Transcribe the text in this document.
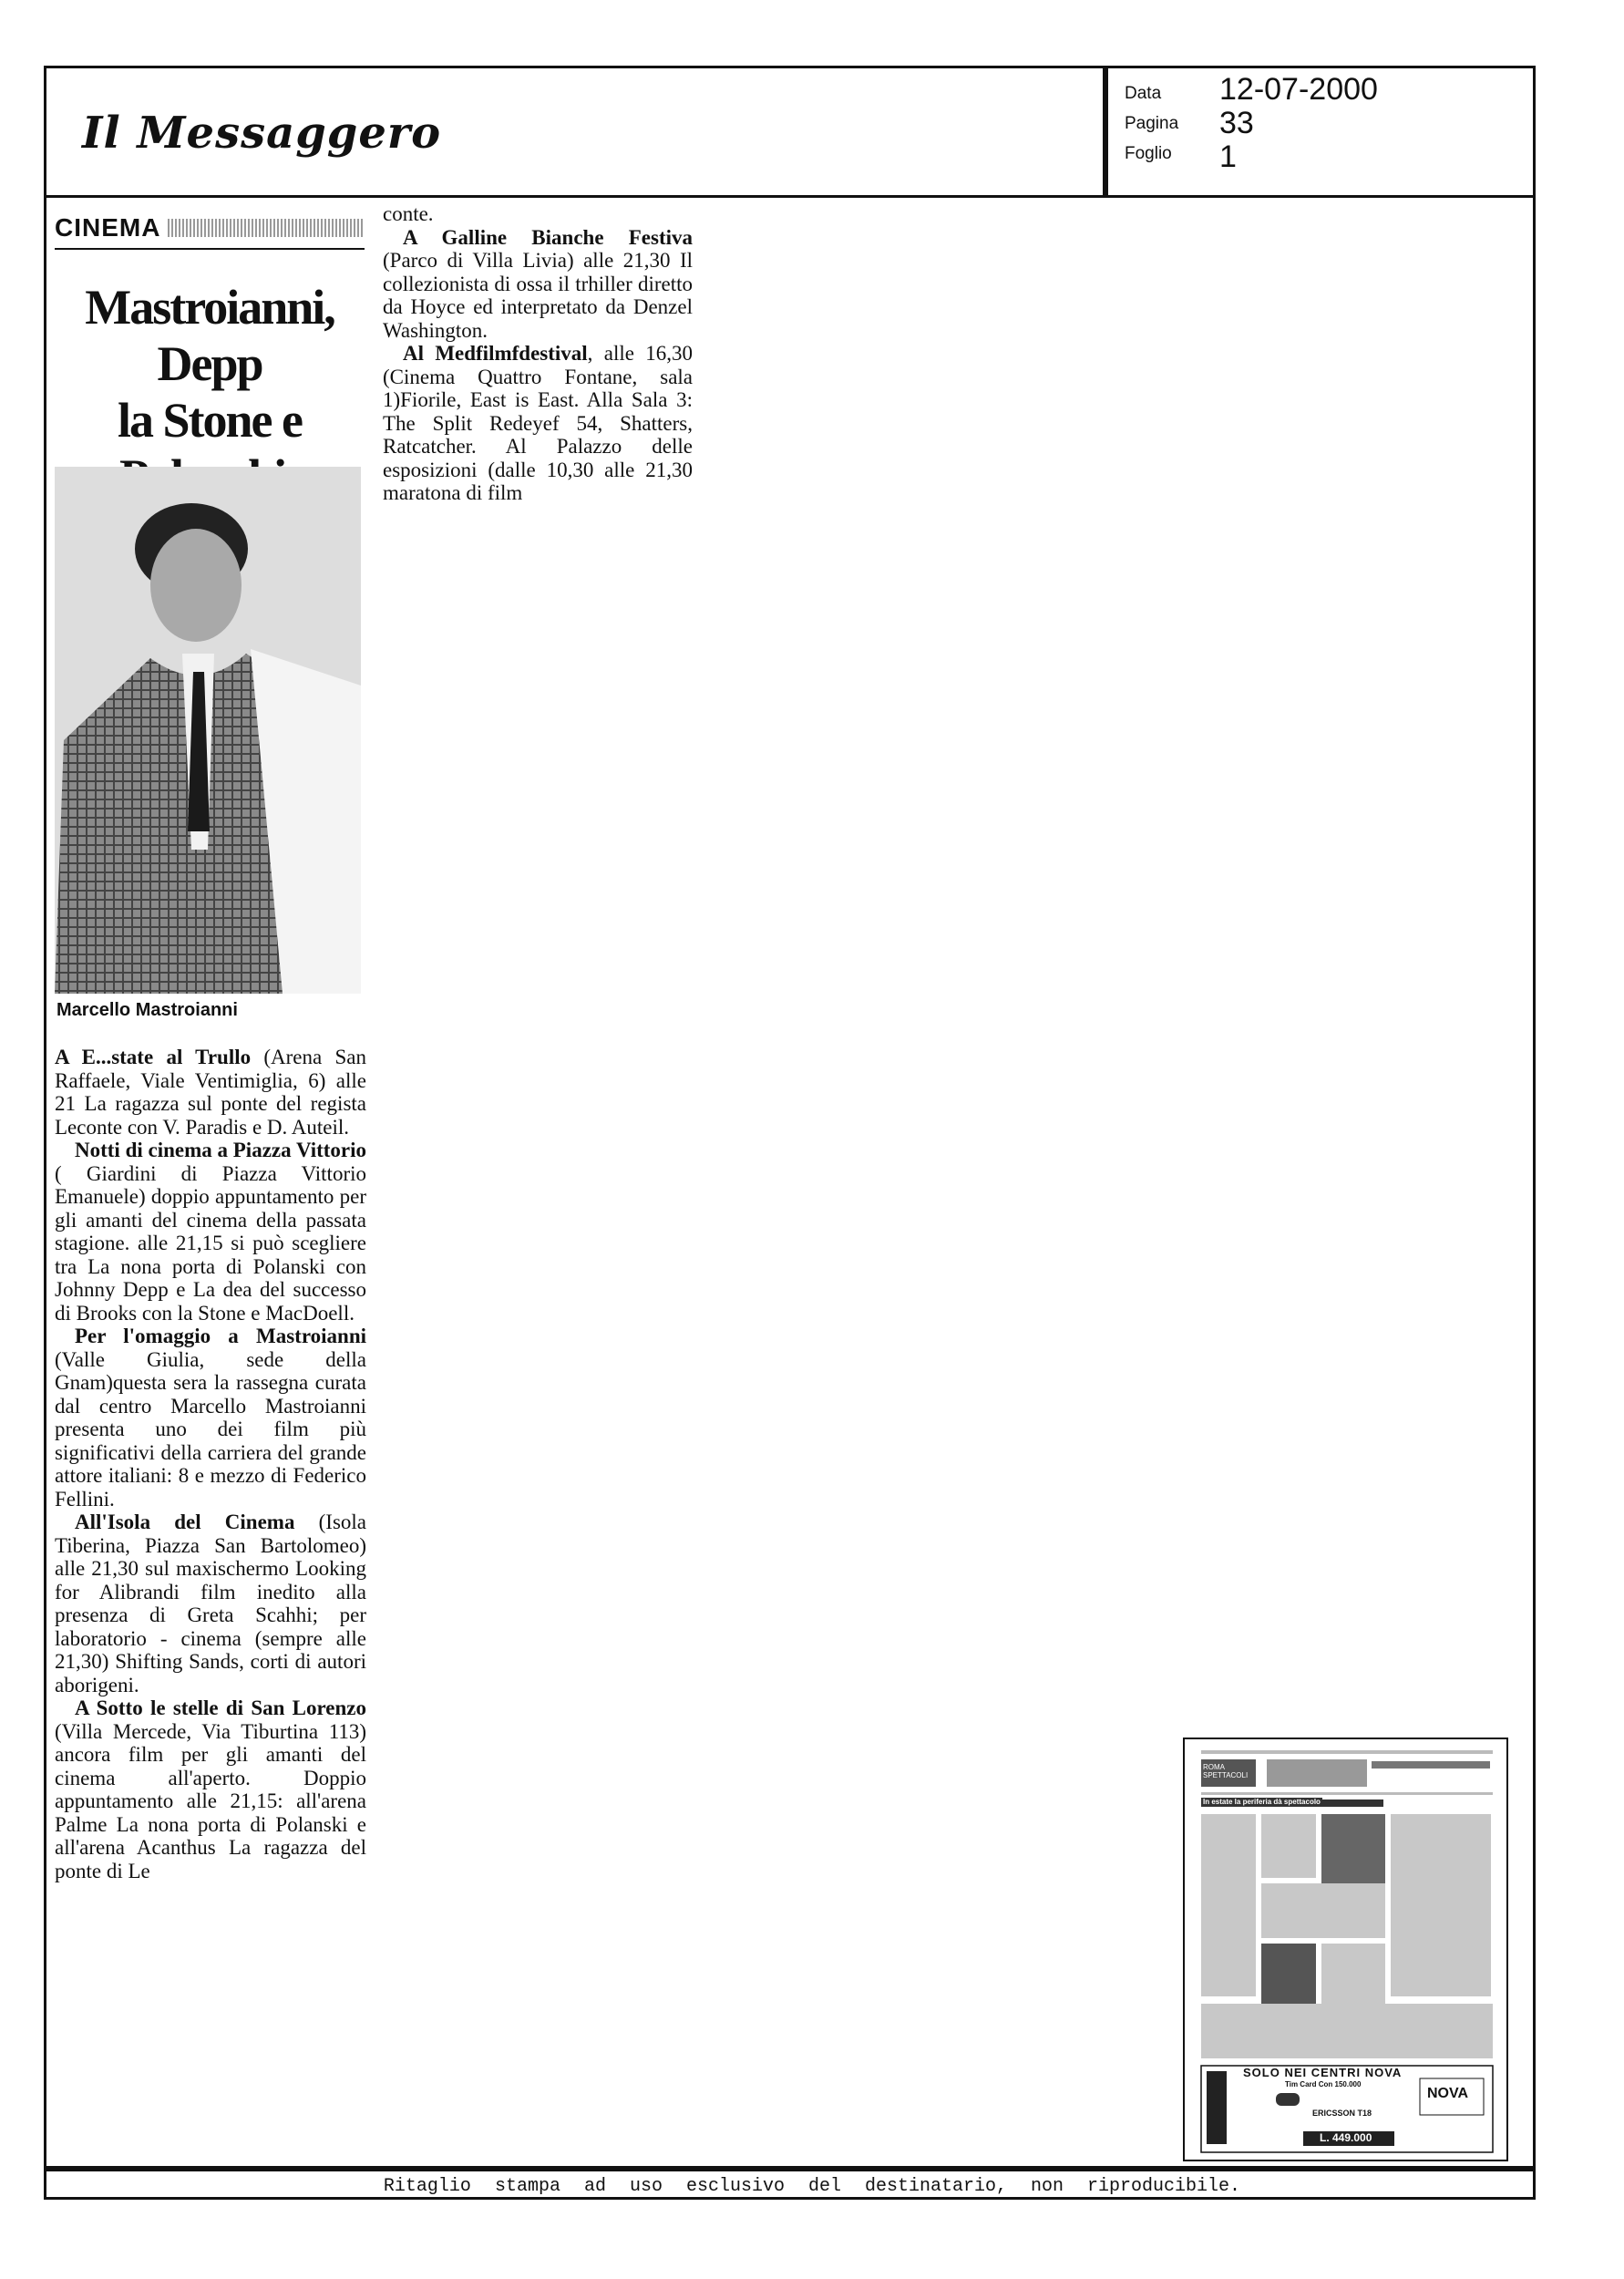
Il Messaggero
Data
Pagina
Foglio
12-07-2000
33
1
CINEMA
Mastroianni, Depp
la Stone e
Marcello Mastroianni

A E...state al Trullo (Arena San Raffaele, Viale Ventimiglia, 6) alle 21 La ragazza sul ponte del regista Leconte con V. Paradis e D. Auteil.

Notti di cinema a Piazza Vittorio ( Giardini di Piazza Vittorio Emanuele) doppio appuntamento per gli amanti del cinema della passata stagione. alle 21,15 si può scegliere tra La nona porta di Polanski con Johnny Depp e La dea del successo di Brooks con la Stone e MacDoell.

Per l'omaggio a Mastroianni (Valle Giulia, sede della Gnam)questa sera la rassegna curata dal centro Marcello Mastroianni presenta uno dei film più significativi della carriera del grande attore italiani: 8 e mezzo di Federico Fellini.

All'Isola del Cinema (Isola Tiberina, Piazza San Bartolomeo) alle 21,30 sul maxischermo Looking for Alibrandi film inedito alla presenza di Greta Scahhi; per laboratorio - cinema (sempre alle 21,30) Shifting Sands, corti di autori aborigeni.

A Sotto le stelle di San Lorenzo (Villa Mercede, Via Tiburtina 113) ancora film per gli amanti del cinema all'aperto. Doppio appuntamento alle 21,15: all'arena Palme La nona porta di Polanski e all'arena Acanthus La ragazza del ponte di Le

conte.

A Galline Bianche Festiva (Parco di Villa Livia) alle 21,30 Il collezionista di ossa il trhiller diretto da Hoyce ed interpretato da Denzel Washington.

Al Medfilmfdestival, alle 16,30 (Cinema Quattro Fontane, sala 1)Fiorile, East is East. Alla Sala 3: The Split Redeyef 54, Shatters, Ratcatcher. Al Palazzo delle esposizioni (dalle 10,30 alle 21,30 maratona di film

In estate la periferia dà spettacolo
ROMA SPETTACOLI
SOLO NEI CENTRI NOVA
Tim Card Con 150.000
ERICSSON T18
NOVA
L. 449.000
Ritaglio stampa ad uso esclusivo del destinatario, non riproducibile.
